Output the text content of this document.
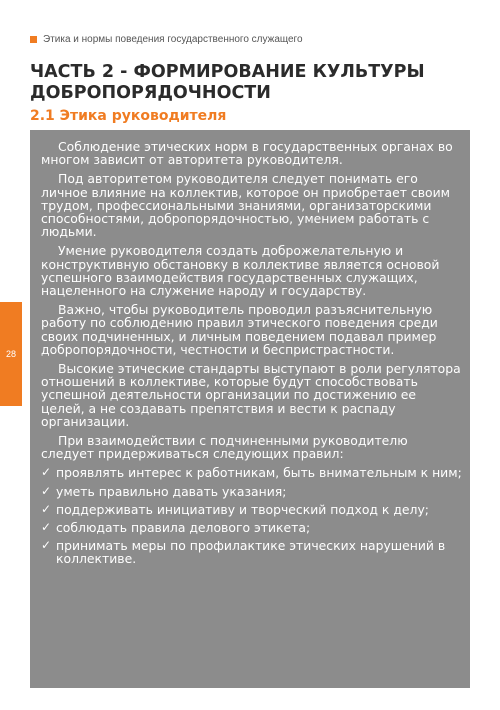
Этика и нормы поведения государственного служащего
ЧАСТЬ 2 - ФОРМИРОВАНИЕ КУЛЬТУРЫ ДОБРОПОРЯДОЧНОСТИ
2.1 Этика руководителя
28

Соблюдение этических норм в государственных органах во многом зависит от авторитета руководителя.

Под авторитетом руководителя следует понимать его личное влияние на коллектив, которое он приобретает своим трудом, профессиональными знаниями, организаторскими способностями, добропорядочностью, умением работать с людьми.

Умение руководителя создать доброжелательную и конструктивную обстановку в коллективе является основой успешного взаимодействия государственных служащих, нацеленного на служение народу и государству.

Важно, чтобы руководитель проводил разъяснительную работу по соблюдению правил этического поведения среди своих подчиненных, и личным поведением подавал пример добропорядочности, честности и беспристрастности.

Высокие этические стандарты выступают в роли регулятора отношений в коллективе, которые будут способствовать успешной деятельности организации по достижению ее целей, а не создавать препятствия и вести к распаду организации.

При взаимодействии с подчиненными руководителю следует придерживаться следующих правил:

✓ проявлять интерес к работникам, быть внимательным к ним;
✓ уметь правильно давать указания;
✓ поддерживать инициативу и творческий подход к делу;
✓ соблюдать правила делового этикета;
✓ принимать меры по профилактике этических нарушений в коллективе.
